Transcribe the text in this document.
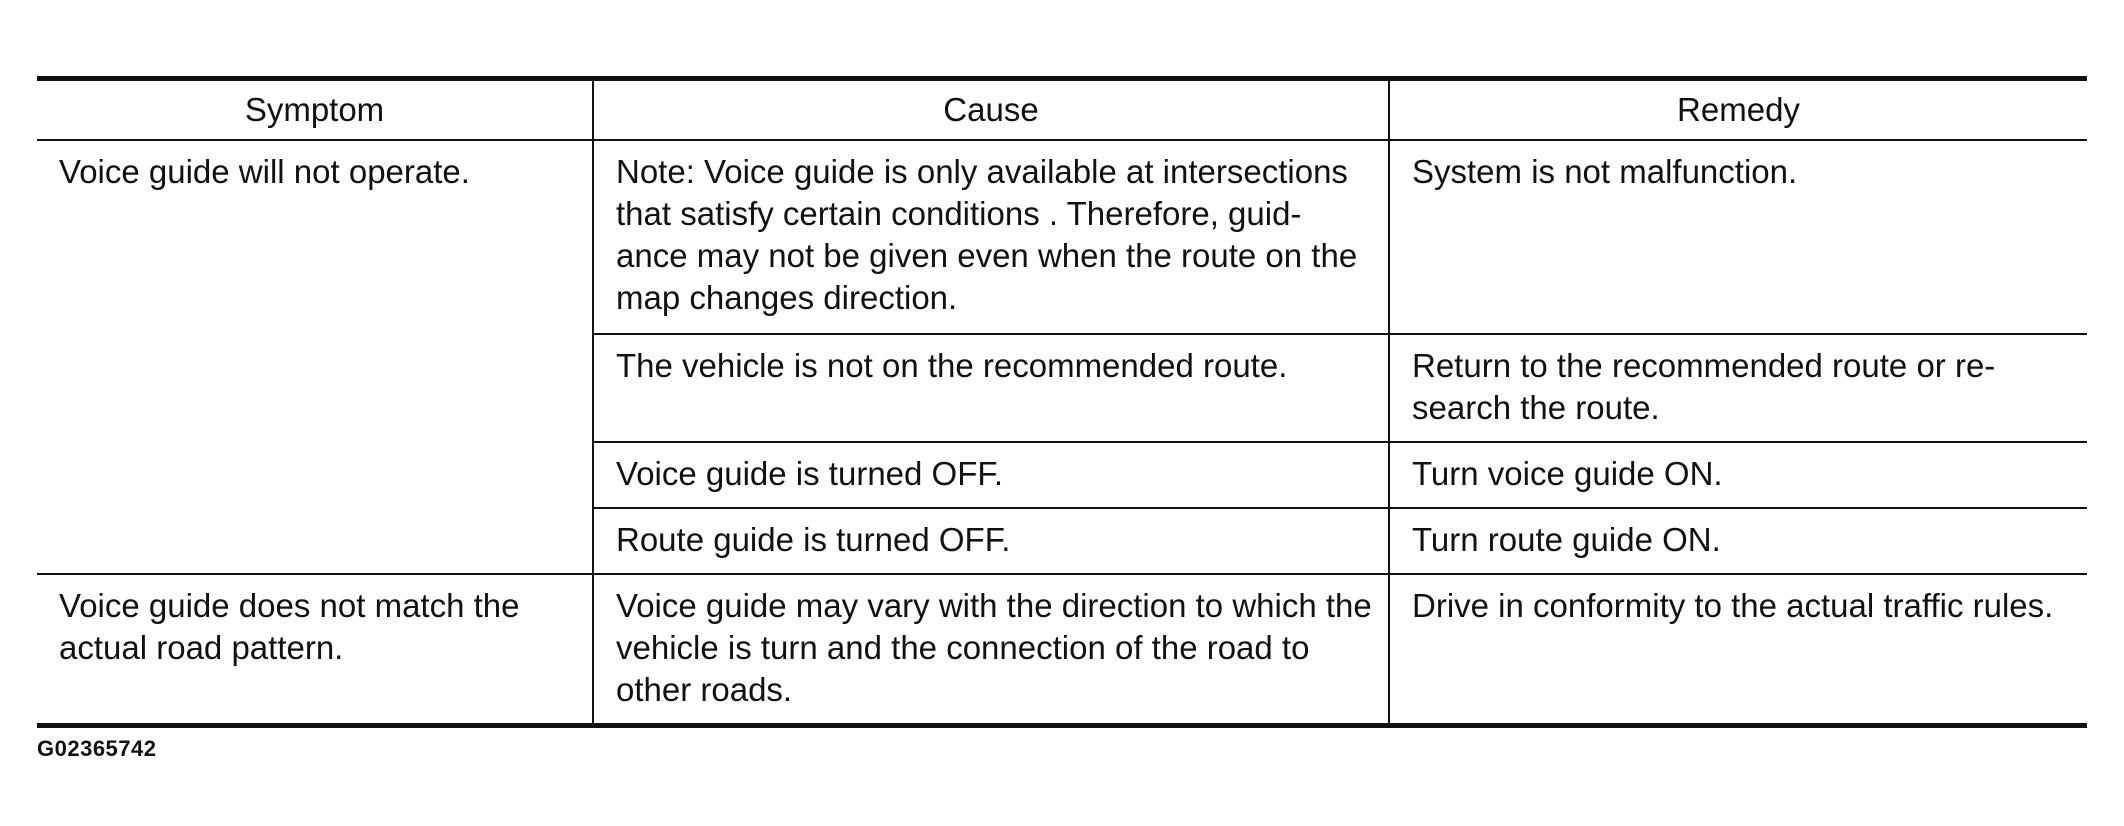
Symptom	Cause	Remedy
Voice guide will not operate.	Note: Voice guide is only available at intersections that satisfy certain conditions . Therefore, guid-ance may not be given even when the route on the map changes direction.	System is not malfunction.
	The vehicle is not on the recommended route.	Return to the recommended route or re-search the route.
	Voice guide is turned OFF.	Turn voice guide ON.
	Route guide is turned OFF.	Turn route guide ON.
Voice guide does not match the actual road pattern.	Voice guide may vary with the direction to which the vehicle is turn and the connection of the road to other roads.	Drive in conformity to the actual traffic rules.
G02365742
